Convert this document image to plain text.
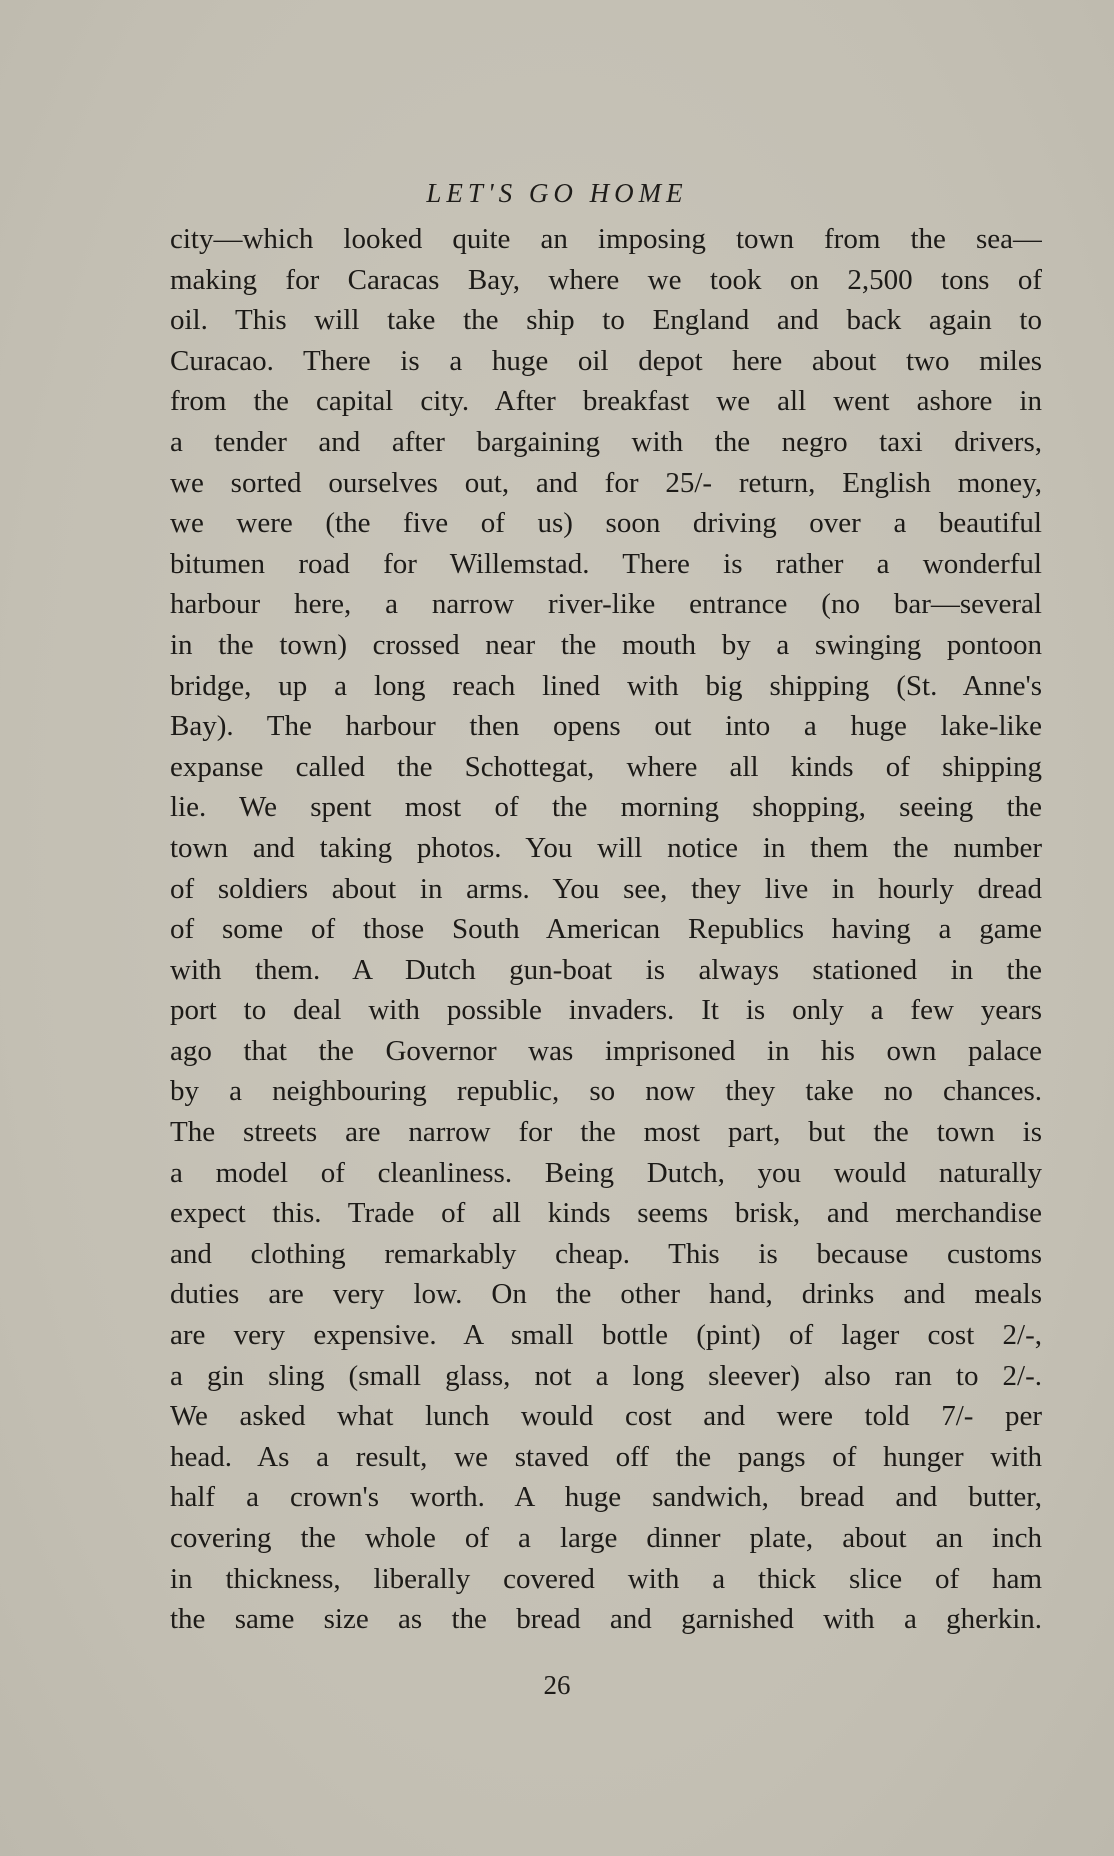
LET'S GO HOME
city—which looked quite an imposing town from the sea—
making for Caracas Bay, where we took on 2,500 tons of
oil. This will take the ship to England and back again to
Curacao. There is a huge oil depot here about two miles
from the capital city. After breakfast we all went ashore in
a tender and after bargaining with the negro taxi drivers,
we sorted ourselves out, and for 25/- return, English money,
we were (the five of us) soon driving over a beautiful
bitumen road for Willemstad. There is rather a wonderful
harbour here, a narrow river-like entrance (no bar—several
in the town) crossed near the mouth by a swinging pontoon
bridge, up a long reach lined with big shipping (St. Anne's
Bay). The harbour then opens out into a huge lake-like
expanse called the Schottegat, where all kinds of shipping
lie. We spent most of the morning shopping, seeing the
town and taking photos. You will notice in them the number
of soldiers about in arms. You see, they live in hourly dread
of some of those South American Republics having a game
with them. A Dutch gun-boat is always stationed in the
port to deal with possible invaders. It is only a few years
ago that the Governor was imprisoned in his own palace
by a neighbouring republic, so now they take no chances.
The streets are narrow for the most part, but the town is
a model of cleanliness. Being Dutch, you would naturally
expect this. Trade of all kinds seems brisk, and merchandise
and clothing remarkably cheap. This is because customs
duties are very low. On the other hand, drinks and meals
are very expensive. A small bottle (pint) of lager cost 2/-,
a gin sling (small glass, not a long sleever) also ran to 2/-.
We asked what lunch would cost and were told 7/- per
head. As a result, we staved off the pangs of hunger with
half a crown's worth. A huge sandwich, bread and butter,
covering the whole of a large dinner plate, about an inch
in thickness, liberally covered with a thick slice of ham
the same size as the bread and garnished with a gherkin.
26
